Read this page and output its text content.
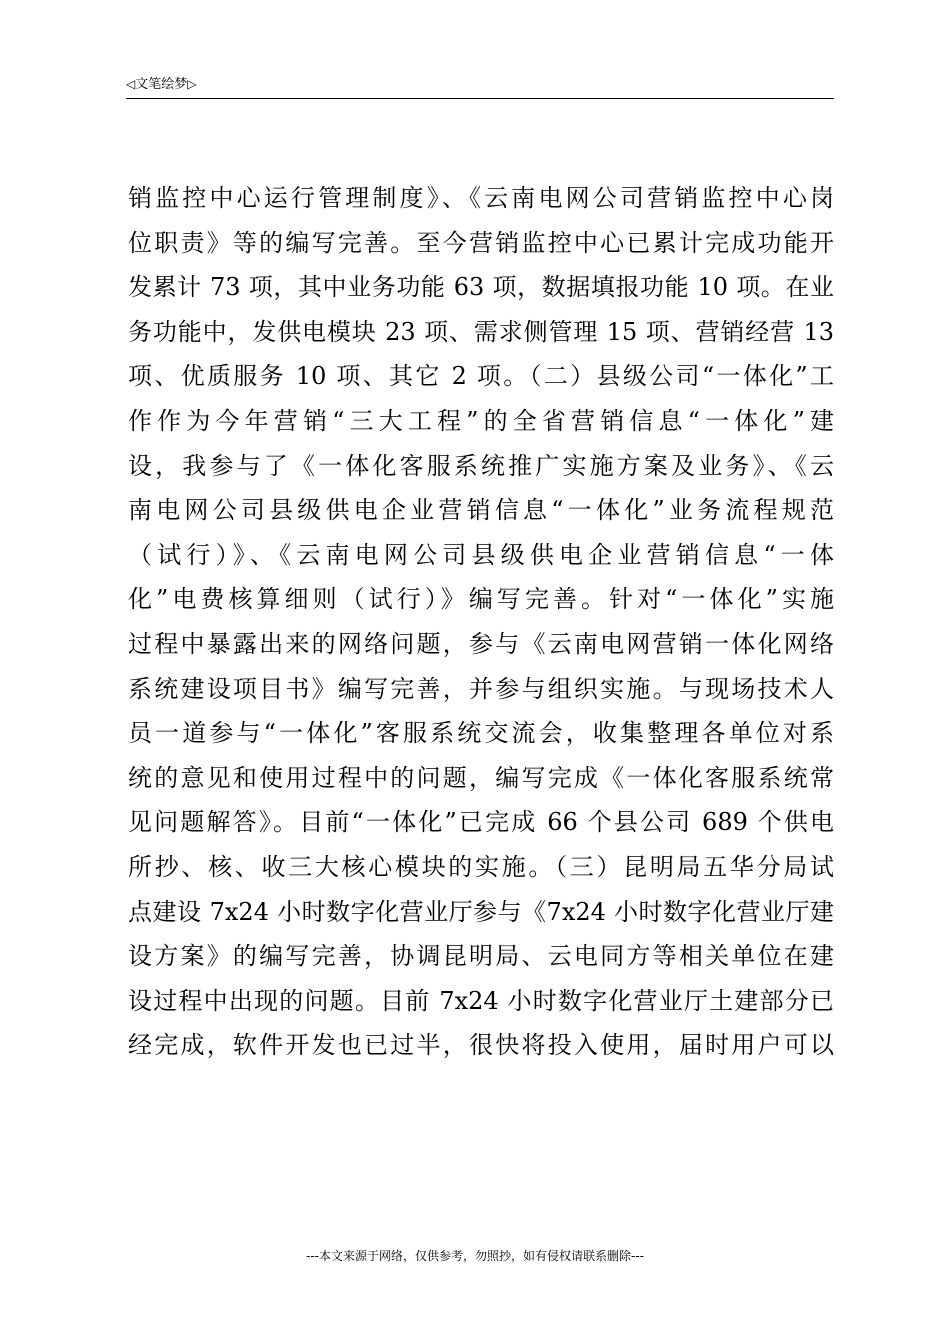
◁文笔绘梦▷
销监控中心运行管理制度》、《云南电网公司营销监控中心岗
位职责》等的编写完善。至今营销监控中心已累计完成功能开
发累计 73 项，其中业务功能 63 项，数据填报功能 10 项。在业
务功能中，发供电模块 23 项、需求侧管理 15 项、营销经营 13
项、优质服务 10 项、其它 2 项。（二）县级公司“一体化”工
作作为今年营销“三大工程”的全省营销信息“一体化”建
设，我参与了《一体化客服系统推广实施方案及业务》、《云
南电网公司县级供电企业营销信息“一体化”业务流程规范
（试行）》、《云南电网公司县级供电企业营销信息“一体
化”电费核算细则（试行）》编写完善。针对“一体化”实施
过程中暴露出来的网络问题，参与《云南电网营销一体化网络
系统建设项目书》编写完善，并参与组织实施。与现场技术人
员一道参与“一体化”客服系统交流会，收集整理各单位对系
统的意见和使用过程中的问题，编写完成《一体化客服系统常
见问题解答》。目前“一体化”已完成 66 个县公司 689 个供电
所抄、核、收三大核心模块的实施。（三）昆明局五华分局试
点建设 7x24 小时数字化营业厅参与《7x24 小时数字化营业厅建
设方案》的编写完善，协调昆明局、云电同方等相关单位在建
设过程中出现的问题。目前 7x24 小时数字化营业厅土建部分已
经完成，软件开发也已过半，很快将投入使用，届时用户可以
---本文来源于网络，仅供参考，勿照抄，如有侵权请联系删除---
